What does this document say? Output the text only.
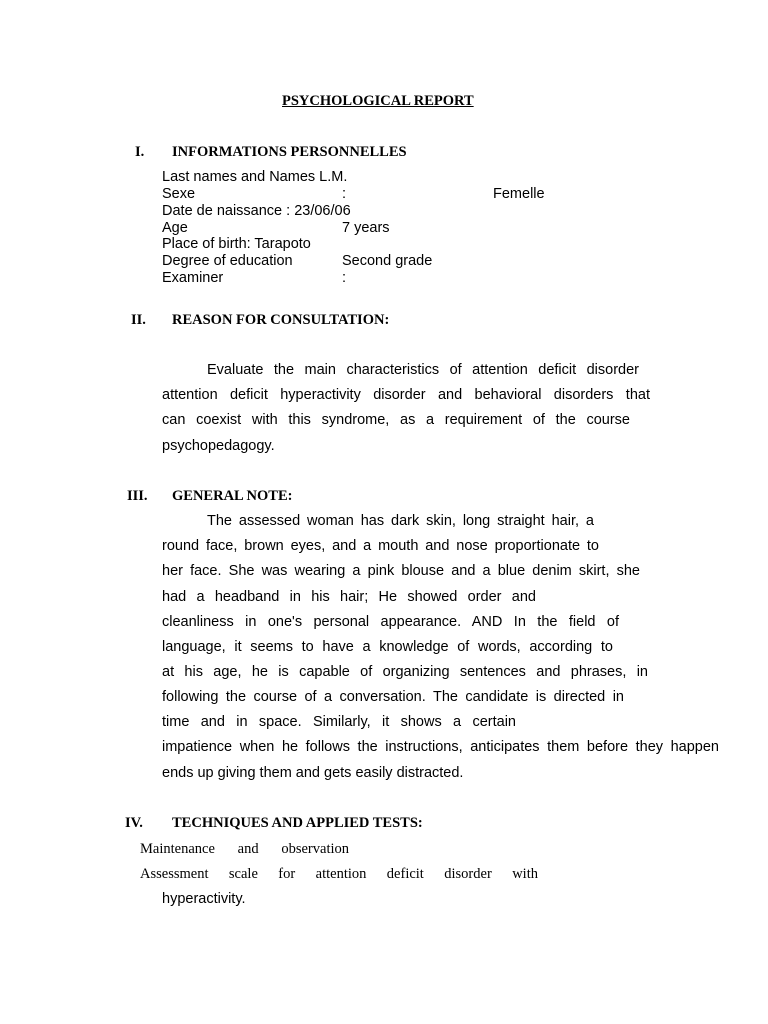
PSYCHOLOGICAL REPORT
I. INFORMATIONS PERSONNELLES
Last names and Names L.M.
Sexe	:	Femelle
Date de naissance : 23/06/06
Age	7 years
Place of birth: Tarapoto
Degree of education	Second grade
Examiner	:
II. REASON FOR CONSULTATION:
Evaluate the main characteristics of attention deficit disorder
attention deficit hyperactivity disorder and behavioral disorders that
can coexist with this syndrome, as a requirement of the course
psychopedagogy.
III. GENERAL NOTE:
The assessed woman has dark skin, long straight hair, a
round face, brown eyes, and a mouth and nose proportionate to
her face. She was wearing a pink blouse and a blue denim skirt, she
had a headband in his hair; He showed order and
cleanliness in one's personal appearance. AND In the field of
language, it seems to have a knowledge of words, according to
at his age, he is capable of organizing sentences and phrases, in
following the course of a conversation. The candidate is directed in
time and in space. Similarly, it shows a certain
impatience when he follows the instructions, anticipates them before they happen
ends up giving them and gets easily distracted.
IV. TECHNIQUES AND APPLIED TESTS:
Maintenance and observation
Assessment scale for attention deficit disorder with
hyperactivity.
